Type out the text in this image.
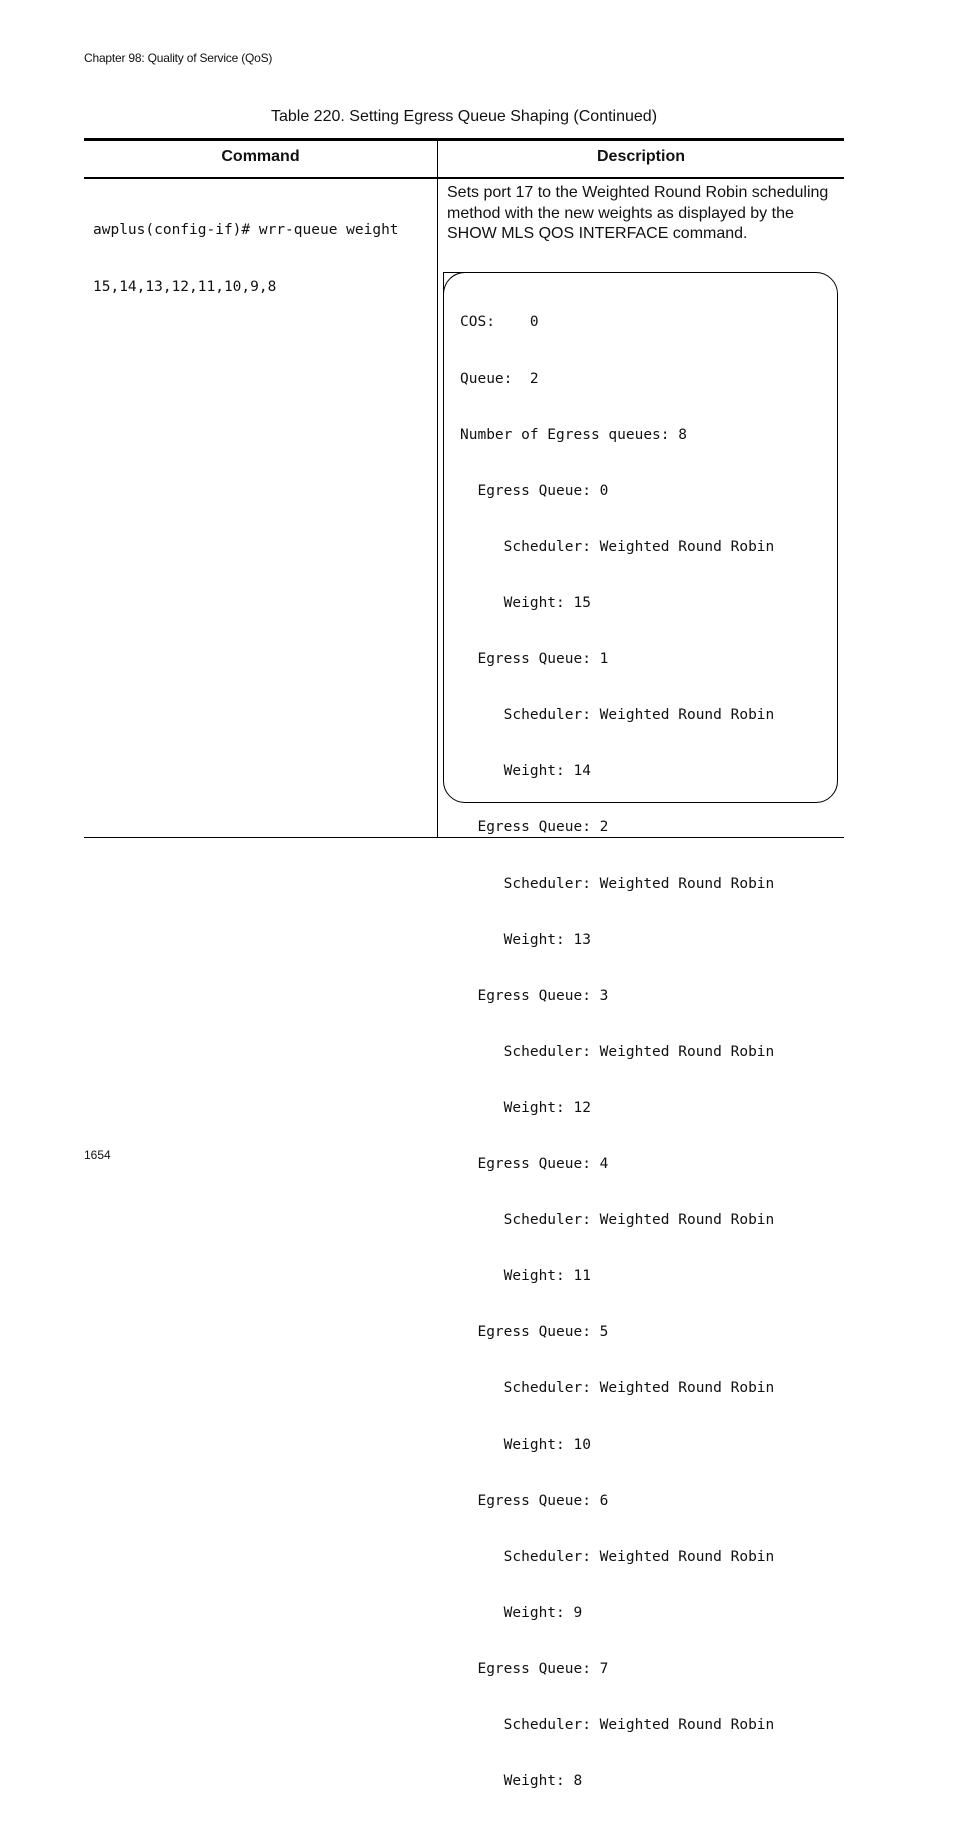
Chapter 98: Quality of Service (QoS)
Table 220. Setting Egress Queue Shaping (Continued)
Command	Description

awplus(config-if)# wrr-queue weight

15,14,13,12,11,10,9,8

Sets port 17 to the Weighted Round Robin scheduling method with the new weights as displayed by the SHOW MLS QOS INTERFACE command.

COS:    0

Queue:  2

Number of Egress queues: 8

Egress Queue: 0

Scheduler: Weighted Round Robin

Weight: 15

Egress Queue: 1

Scheduler: Weighted Round Robin

Weight: 14

Egress Queue: 2

Scheduler: Weighted Round Robin

Weight: 13

Egress Queue: 3

Scheduler: Weighted Round Robin

Weight: 12

Egress Queue: 4

Scheduler: Weighted Round Robin

Weight: 11

Egress Queue: 5

Scheduler: Weighted Round Robin

Weight: 10

Egress Queue: 6

Scheduler: Weighted Round Robin

Weight: 9

Egress Queue: 7

Scheduler: Weighted Round Robin

Weight: 8

1654
